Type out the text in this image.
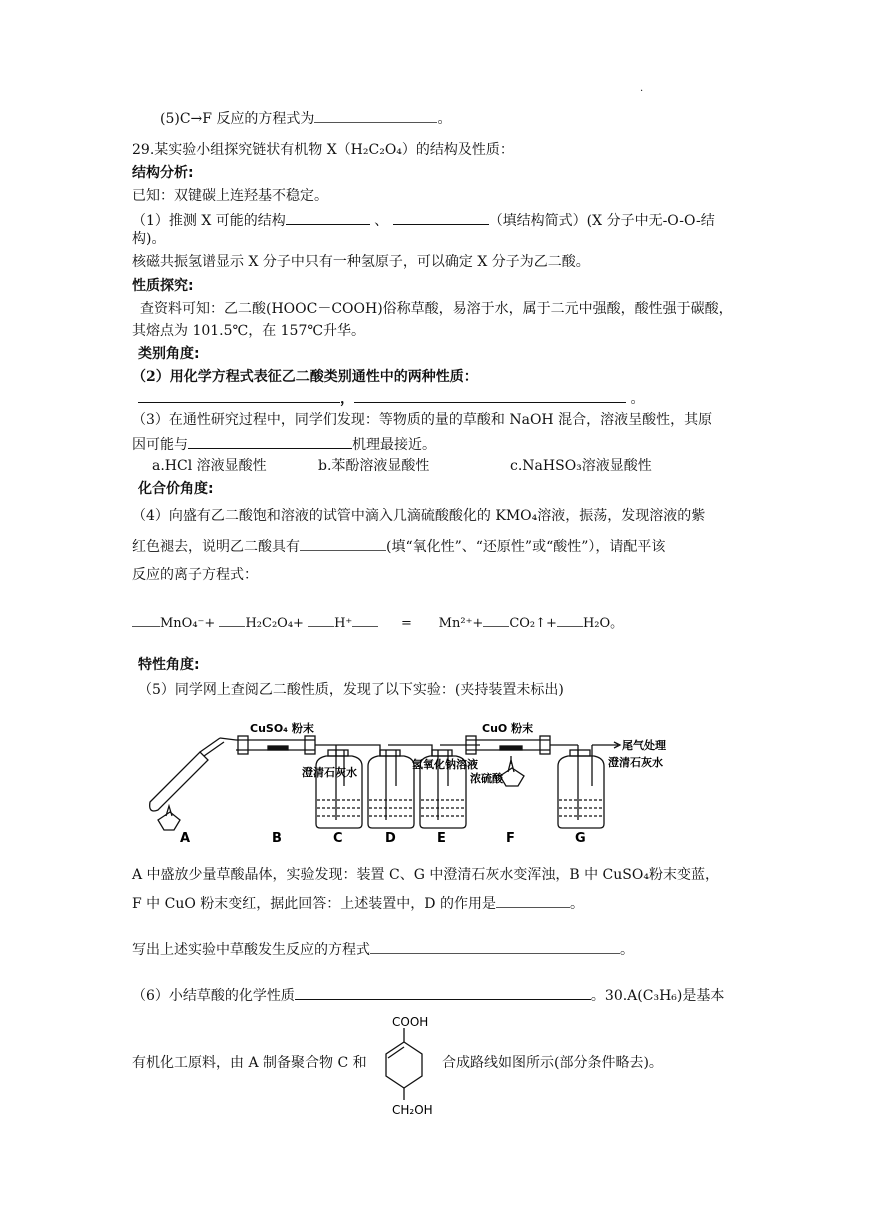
.
(5)C→F 反应的方程式为	。
29.某实验小组探究链状有机物 X（H₂C₂O₄）的结构及性质：
结构分析:
已知：双键碳上连羟基不稳定。
（1）推测 X 可能的结构	、	（填结构简式）(X 分子中无-O-O-结
构)。
核磁共振氢谱显示 X 分子中只有一种氢原子，可以确定 X 分子为乙二酸。
性质探究:
查资料可知：乙二酸(HOOC－COOH)俗称草酸，易溶于水，属于二元中强酸，酸性强于碳酸，
其熔点为 101.5℃，在 157℃升华。
类别角度:
（2）用化学方程式表征乙二酸类别通性中的两种性质：
，	。
（3）在通性研究过程中，同学们发现：等物质的量的草酸和 NaOH 混合，溶液呈酸性，其原
因可能与	机理最接近。
a.HCl 溶液显酸性	b.苯酚溶液显酸性	c.NaHSO₃溶液显酸性
化合价角度:
（4）向盛有乙二酸饱和溶液的试管中滴入几滴硫酸酸化的 KMO₄溶液，振荡，发现溶液的紫
红色褪去，说明乙二酸具有	(填“氧化性”、“还原性”或“酸性”），请配平该
反应的离子方程式：
MnO₄⁻+ H₂C₂O₄+ H⁺	= Mn²⁺+ CO₂↑+ H₂O。
特性角度:
（5）同学网上查阅乙二酸性质，发现了以下实验：(夹持装置未标出)
CuSO₄ 粉末	CuO 粉末
尾气处理
澄清石灰水
氢氧化钠溶液
浓硫酸
澄清石灰水
A	B	C	D	E	F	G
A 中盛放少量草酸晶体，实验发现：装置 C、G 中澄清石灰水变浑浊，B 中 CuSO₄粉末变蓝，
F 中 CuO 粉末变红，据此回答：上述装置中，D 的作用是	。
写出上述实验中草酸发生反应的方程式	。
（6）小结草酸的化学性质	。30.A(C₃H₆)是基本
有机化工原料，由 A 制备聚合物 C 和	合成路线如图所示(部分条件略去)。
COOH
CH₂OH
